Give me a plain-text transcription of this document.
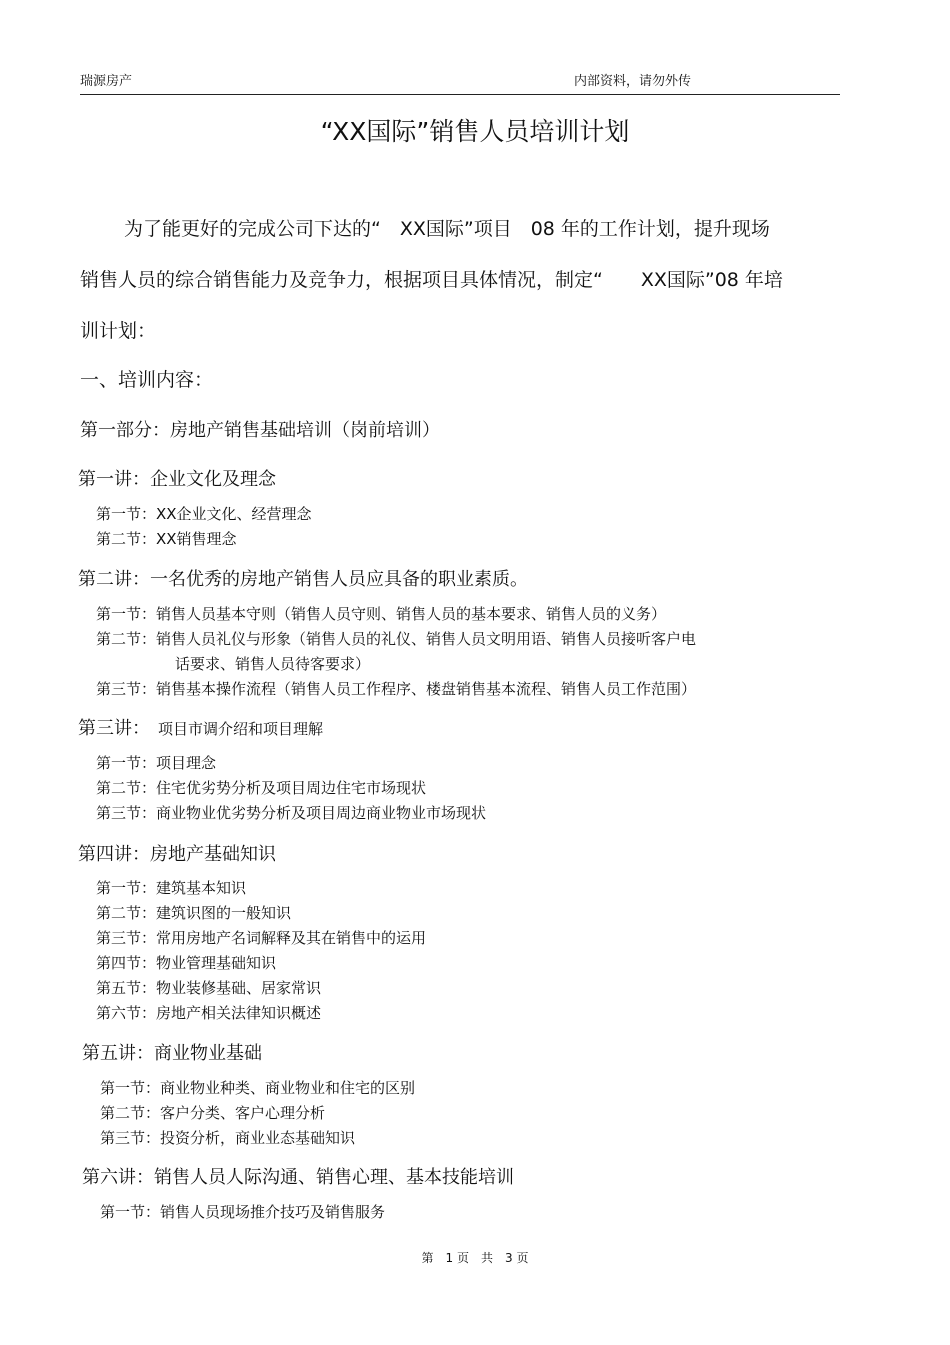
瑞源房产	内部资料，请勿外传
“XX国际”销售人员培训计划
为了能更好的完成公司下达的“　XX国际”项目　08 年的工作计划，提升现场
销售人员的综合销售能力及竞争力，根据项目具体情况，制定“　　XX国际”08 年培
训计划：
一、培训内容：
第一部分：房地产销售基础培训（岗前培训）
第一讲：企业文化及理念
第一节：XX企业文化、经营理念
第二节：XX销售理念
第二讲：一名优秀的房地产销售人员应具备的职业素质。
第一节：销售人员基本守则（销售人员守则、销售人员的基本要求、销售人员的义务）
第二节：销售人员礼仪与形象（销售人员的礼仪、销售人员文明用语、销售人员接听客户电
话要求、销售人员待客要求）
第三节：销售基本操作流程（销售人员工作程序、楼盘销售基本流程、销售人员工作范围）
第三讲： 项目市调介绍和项目理解
第一节：项目理念
第二节：住宅优劣势分析及项目周边住宅市场现状
第三节：商业物业优劣势分析及项目周边商业物业市场现状
第四讲：房地产基础知识
第一节：建筑基本知识
第二节：建筑识图的一般知识
第三节：常用房地产名词解释及其在销售中的运用
第四节：物业管理基础知识
第五节：物业装修基础、居家常识
第六节：房地产相关法律知识概述
第五讲：商业物业基础
第一节：商业物业种类、商业物业和住宅的区别
第二节：客户分类、客户心理分析
第三节：投资分析，商业业态基础知识
第六讲：销售人员人际沟通、销售心理、基本技能培训
第一节：销售人员现场推介技巧及销售服务
第　1 页　共　3 页
